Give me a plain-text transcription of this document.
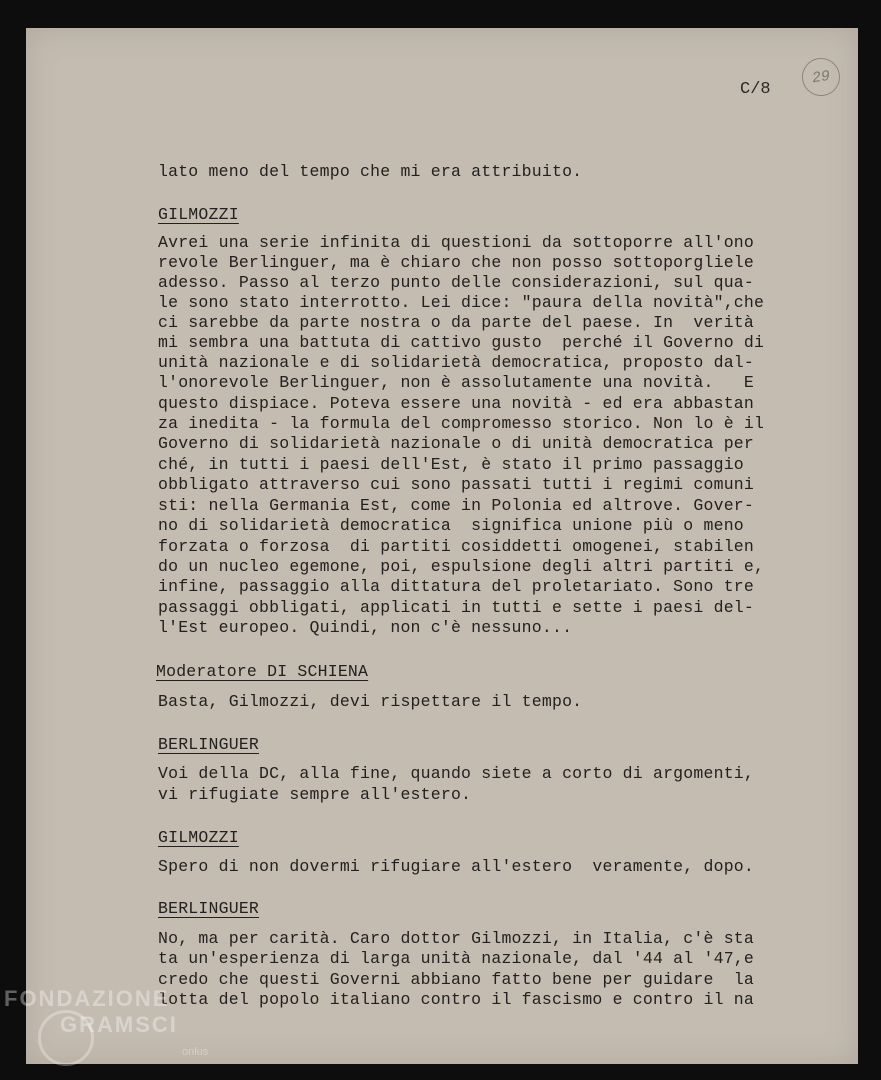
C/8
29
lato meno del tempo che mi era attribuito.
GILMOZZI
Avrei una serie infinita di questioni da sottoporre all'ono
revole Berlinguer, ma è chiaro che non posso sottoporgliele
adesso. Passo al terzo punto delle considerazioni, sul qua-
le sono stato interrotto. Lei dice: "paura della novità",che
ci sarebbe da parte nostra o da parte del paese. In  verità
mi sembra una battuta di cattivo gusto  perché il Governo di
unità nazionale e di solidarietà democratica, proposto dal-
l'onorevole Berlinguer, non è assolutamente una novità.   E
questo dispiace. Poteva essere una novità - ed era abbastan
za inedita - la formula del compromesso storico. Non lo è il
Governo di solidarietà nazionale o di unità democratica per
ché, in tutti i paesi dell'Est, è stato il primo passaggio
obbligato attraverso cui sono passati tutti i regimi comuni
sti: nella Germania Est, come in Polonia ed altrove. Gover-
no di solidarietà democratica  significa unione più o meno
forzata o forzosa  di partiti cosiddetti omogenei, stabilen
do un nucleo egemone, poi, espulsione degli altri partiti e,
infine, passaggio alla dittatura del proletariato. Sono tre
passaggi obbligati, applicati in tutti e sette i paesi del-
l'Est europeo. Quindi, non c'è nessuno...
Moderatore DI SCHIENA
Basta, Gilmozzi, devi rispettare il tempo.
BERLINGUER
Voi della DC, alla fine, quando siete a corto di argomenti,
vi rifugiate sempre all'estero.
GILMOZZI
Spero di non dovermi rifugiare all'estero  veramente, dopo.
BERLINGUER
No, ma per carità. Caro dottor Gilmozzi, in Italia, c'è sta
ta un'esperienza di larga unità nazionale, dal '44 al '47,e
credo che questi Governi abbiano fatto bene per guidare  la
lotta del popolo italiano contro il fascismo e contro il na
FONDAZIONE
GRAMSCI
onlus
